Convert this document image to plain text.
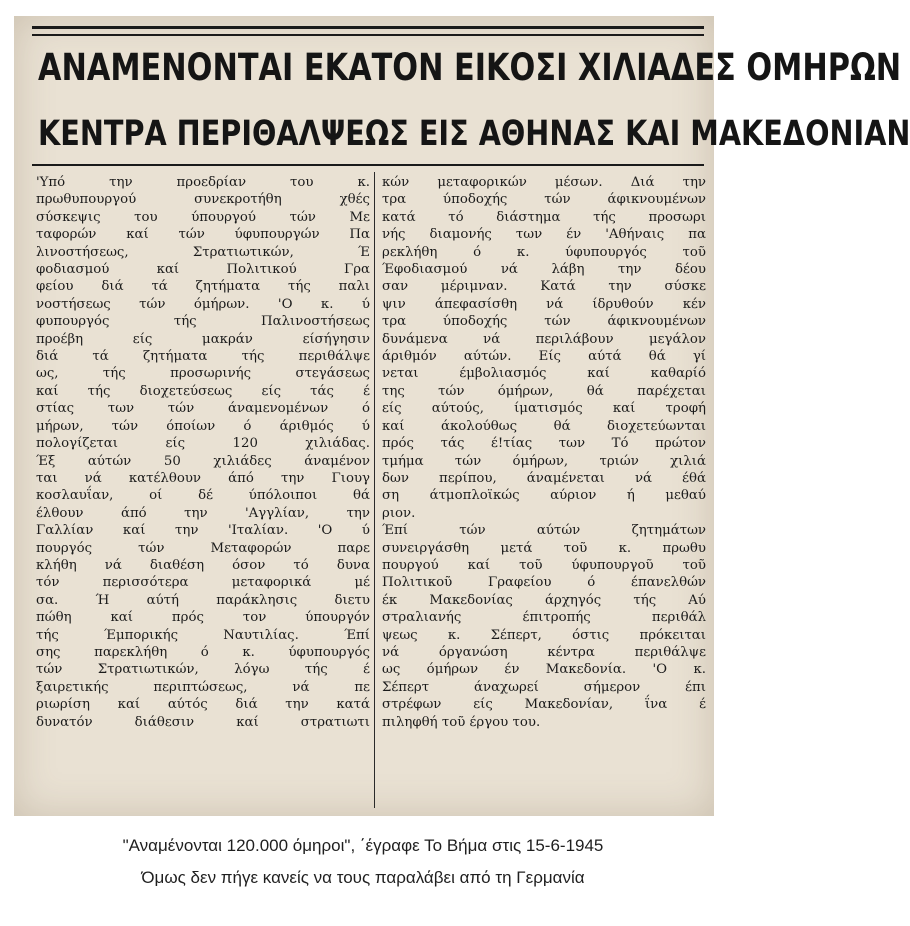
ΑΝΑΜΕΝΟΝΤΑΙ ΕΚΑΤΟΝ ΕΙΚΟΣΙ ΧΙΛΙΑΔΕΣ ΟΜΗΡΩΝ
ΚΕΝΤΡΑ ΠΕΡΙΘΑΛΨΕΩΣ ΕΙΣ ΑΘΗΝΑΣ ΚΑΙ ΜΑΚΕΔΟΝΙΑΝ
'Υπό την προεδρίαν του κ.
πρωθυπουργού συνεκροτήθη χθές
σύσκεψις του ύπουργού τών Με
ταφορών καί τών ύφυπουργών Πα
λινοστήσεως, Στρατιωτικών, Έ
φοδιασμού καί Πολιτικού Γρα
φείου διά τά ζητήματα τής παλι
νοστήσεως τών όμήρων. 'Ο κ. ύ
φυπουργός τής Παλινοστήσεως
προέβη είς μακράν είσήγησιν
διά τά ζητήματα τής περιθάλψε
ως, τής προσωρινής στεγάσεως
καί τής διοχετεύσεως είς τάς έ
στίας των τών άναμενομένων ό
μήρων, τών όποίων ό άριθμός ύ
πολογίζεται είς 120 χιλιάδας.
Έξ αύτών 50 χιλιάδες άναμένον
ται νά κατέλθουν άπό την Γιουγ
κοσλαυΐαν, οί δέ ύπόλοιποι θά
έλθουν άπό την 'Αγγλίαν, την
Γαλλίαν καί την 'Ιταλίαν. 'Ο ύ
πουργός τών Μεταφορών παρε
κλήθη νά διαθέση όσον τό δυνα
τόν περισσότερα μεταφορικά μέ
σα. Ή αύτή παράκλησις διετυ
πώθη καί πρός τον ύπουργόν
τής Έμπορικής Ναυτιλίας. Έπί
σης παρεκλήθη ό κ. ύφυπουργός
τών Στρατιωτικών, λόγω τής έ
ξαιρετικής περιπτώσεως, νά πε
ριωρίση καί αύτός διά την κατά
δυνατόν διάθεσιν καί στρατιωτι
κών μεταφορικών μέσων. Διά την
τρα ύποδοχής τών άφικνουμένων
κατά τό διάστημα τής προσωρι
νής διαμονής των έν 'Αθήναις πα
ρεκλήθη ό κ. ύφυπουργός τοῦ
Έφοδιασμού νά λάβη την δέου
σαν μέριμναν. Κατά την σύσκε
ψιν άπεφασίσθη νά ίδρυθούν κέν
τρα ύποδοχής τών άφικνουμένων
δυνάμενα νά περιλάβουν μεγάλον
άριθμόν αύτών. Είς αύτά θά γί
νεται έμβολιασμός καί καθαρίό
της τών όμήρων, θά παρέχεται
είς αύτούς, ίματισμός καί τροφή
καί άκολούθως θά διοχετεύωνται
πρός τάς έ!τίας των Τό πρώτον
τμήμα τών όμήρων, τριών χιλιά
δων περίπου, άναμένεται νά έθά
ση άτμοπλοϊκώς αύριον ή μεθαύ
ριον.
Έπί τών αύτών ζητημάτων
συνειργάσθη μετά τοῦ κ. πρωθυ
πουργού καί τοῦ ύφυπουργοῦ τοῦ
Πολιτικοῦ Γραφείου ό έπανελθών
έκ Μακεδονίας άρχηγός τής Αύ
στραλιανής έπιτροπής περιθάλ
ψεως κ. Σέπερτ, όστις πρόκειται
νά όργανώση κέντρα περιθάλψε
ως όμήρων έν Μακεδονία. 'Ο κ.
Σέπερτ άναχωρεί σήμερον έπι
στρέφων είς Μακεδονίαν, ΐνα έ
πιληφθή τοῦ έργου του.
"Αναμένονται 120.000 όμηροι", ΄έγραφε Το Βήμα στις 15-6-1945
Όμως δεν πήγε κανείς να τους παραλάβει από τη Γερμανία
